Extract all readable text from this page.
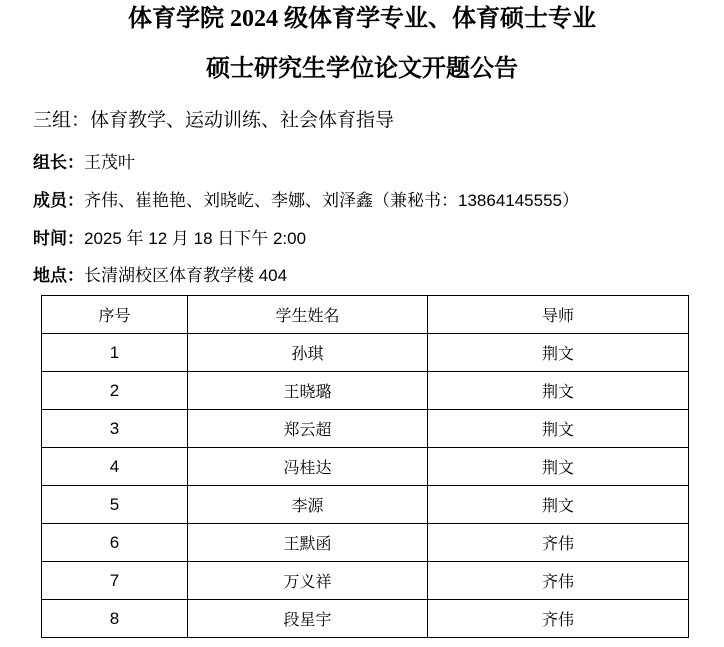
体育学院 2024 级体育学专业、体育硕士专业
硕士研究生学位论文开题公告
三组：体育教学、运动训练、社会体育指导
组长：王茂叶
成员：齐伟、崔艳艳、刘晓屹、李娜、刘泽鑫（兼秘书：13864145555）
时间：2025 年 12 月 18 日下午 2:00
地点：长清湖校区体育教学楼 404
序号	学生姓名	导师
1	孙琪	荆文
2	王晓璐	荆文
3	郑云超	荆文
4	冯桂达	荆文
5	李源	荆文
6	王默函	齐伟
7	万义祥	齐伟
8	段星宇	齐伟
